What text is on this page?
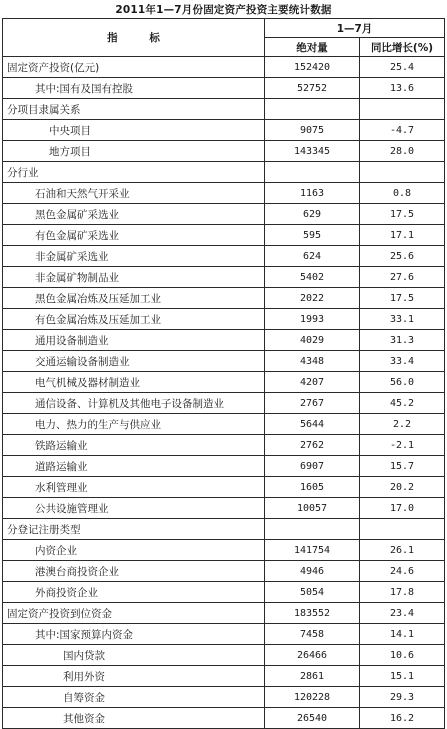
2011年1—7月份固定资产投资主要统计数据
指 标	1—7月	
	绝对量	同比增长(%)
固定资产投资(亿元)	152420	25.4
其中:国有及国有控股	52752	13.6
分项目隶属关系		
中央项目	9075	-4.7
地方项目	143345	28.0
分行业		
石油和天然气开采业	1163	0.8
黑色金属矿采选业	629	17.5
有色金属矿采选业	595	17.1
非金属矿采选业	624	25.6
非金属矿物制品业	5402	27.6
黑色金属冶炼及压延加工业	2022	17.5
有色金属冶炼及压延加工业	1993	33.1
通用设备制造业	4029	31.3
交通运输设备制造业	4348	33.4
电气机械及器材制造业	4207	56.0
通信设备、计算机及其他电子设备制造业	2767	45.2
电力、热力的生产与供应业	5644	2.2
铁路运输业	2762	-2.1
道路运输业	6907	15.7
水利管理业	1605	20.2
公共设施管理业	10057	17.0
分登记注册类型		
内资企业	141754	26.1
港澳台商投资企业	4946	24.6
外商投资企业	5054	17.8
固定资产投资到位资金	183552	23.4
其中:国家预算内资金	7458	14.1
国内贷款	26466	10.6
利用外资	2861	15.1
自筹资金	120228	29.3
其他资金	26540	16.2
